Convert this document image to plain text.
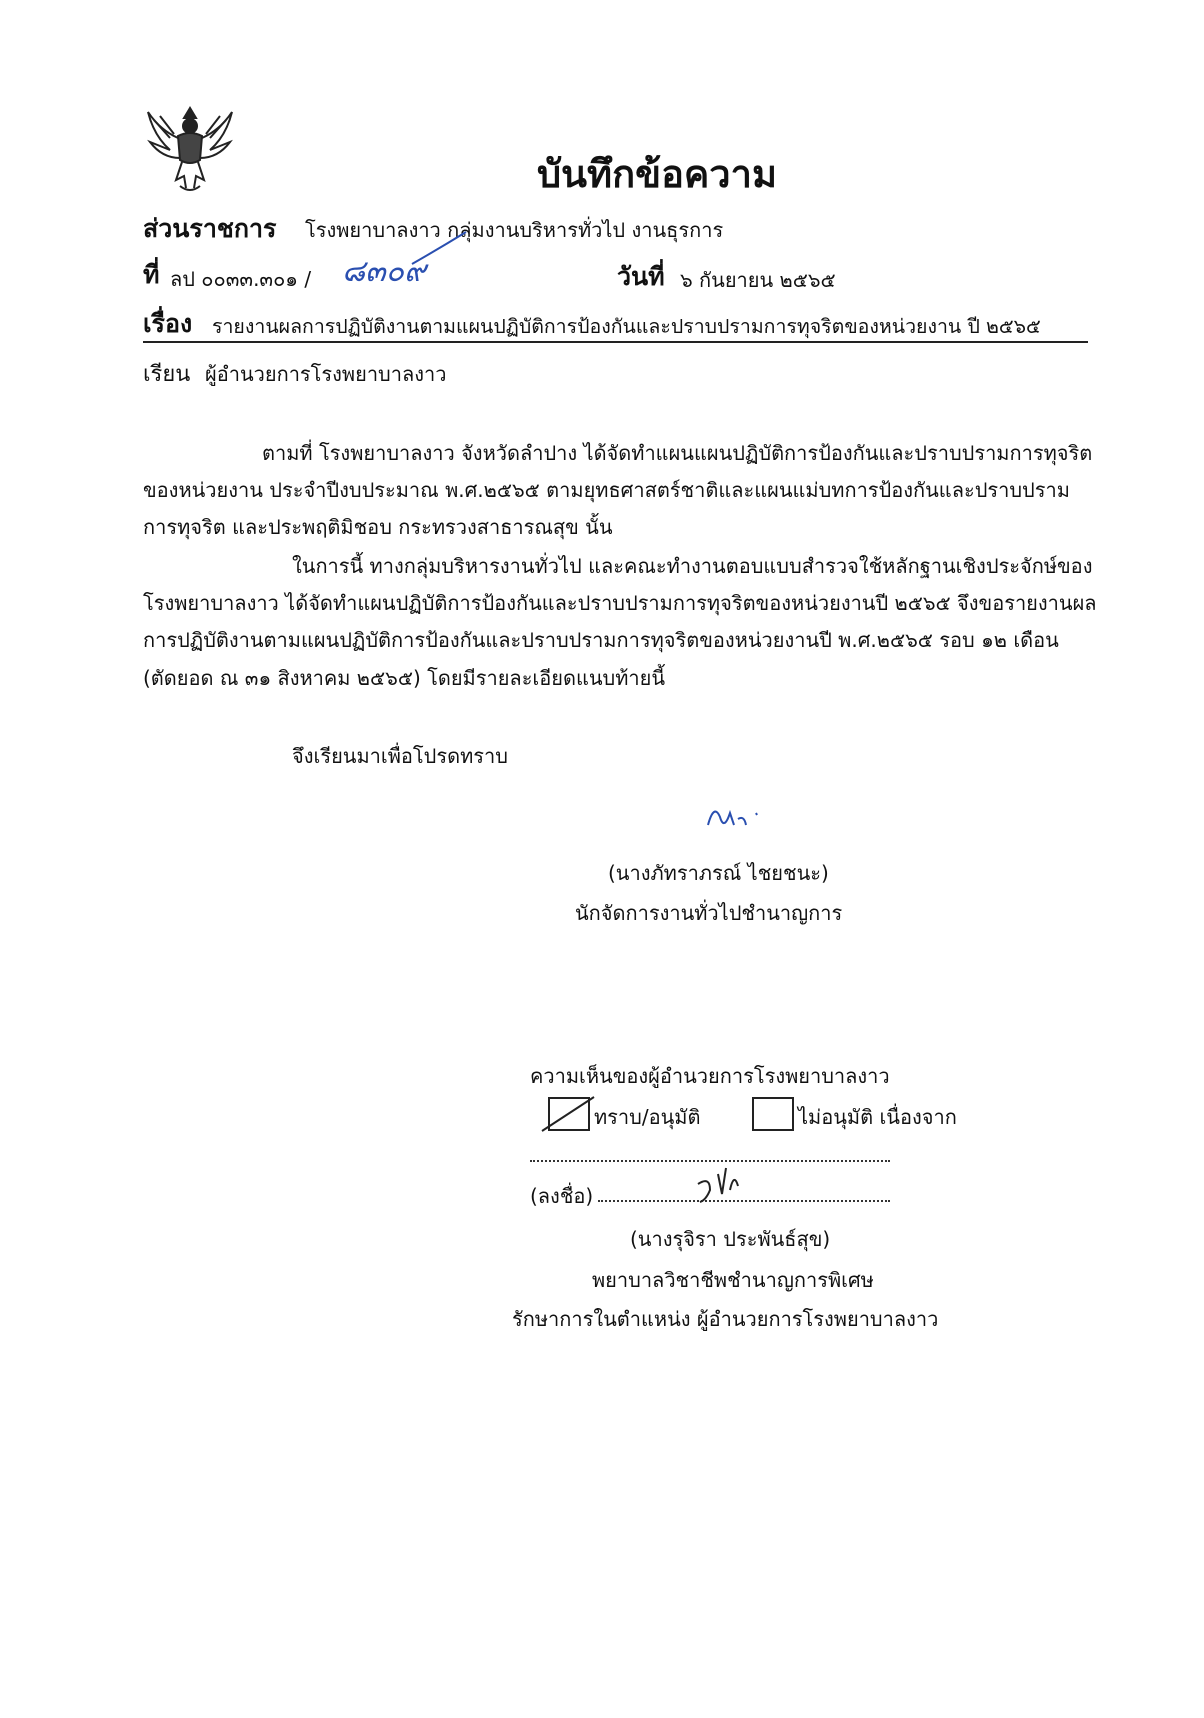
บันทึกข้อความ
ส่วนราชการ โรงพยาบาลงาว กลุ่มงานบริหารทั่วไป งานธุรการ
ที่ ลป ๐๐๓๓.๓๐๑ / ๘๓๐๙	วันที่ ๖ กันยายน ๒๕๖๕
เรื่อง รายงานผลการปฏิบัติงานตามแผนปฏิบัติการป้องกันและปราบปรามการทุจริตของหน่วยงาน ปี ๒๕๖๕
เรียน ผู้อำนวยการโรงพยาบาลงาว
ตามที่ โรงพยาบาลงาว จังหวัดลำปาง ได้จัดทำแผนแผนปฏิบัติการป้องกันและปราบปรามการทุจริต
ของหน่วยงาน ประจำปีงบประมาณ พ.ศ.๒๕๖๕ ตามยุทธศาสตร์ชาติและแผนแม่บทการป้องกันและปราบปราม
การทุจริต และประพฤติมิชอบ กระทรวงสาธารณสุข นั้น
ในการนี้ ทางกลุ่มบริหารงานทั่วไป และคณะทำงานตอบแบบสำรวจใช้หลักฐานเชิงประจักษ์ของ
โรงพยาบาลงาว ได้จัดทำแผนปฏิบัติการป้องกันและปราบปรามการทุจริตของหน่วยงานปี ๒๕๖๕ จึงขอรายงานผล
การปฏิบัติงานตามแผนปฏิบัติการป้องกันและปราบปรามการทุจริตของหน่วยงานปี พ.ศ.๒๕๖๕ รอบ ๑๒ เดือน
(ตัดยอด ณ ๓๑ สิงหาคม ๒๕๖๕) โดยมีรายละเอียดแนบท้ายนี้
จึงเรียนมาเพื่อโปรดทราบ
(นางภัทราภรณ์ ไชยชนะ)
นักจัดการงานทั่วไปชำนาญการ
ความเห็นของผู้อำนวยการโรงพยาบาลงาว
ทราบ/อนุมัติ	ไม่อนุมัติ เนื่องจาก
(ลงชื่อ)
(นางรุจิรา ประพันธ์สุข)
พยาบาลวิชาชีพชำนาญการพิเศษ
รักษาการในตำแหน่ง ผู้อำนวยการโรงพยาบาลงาว
